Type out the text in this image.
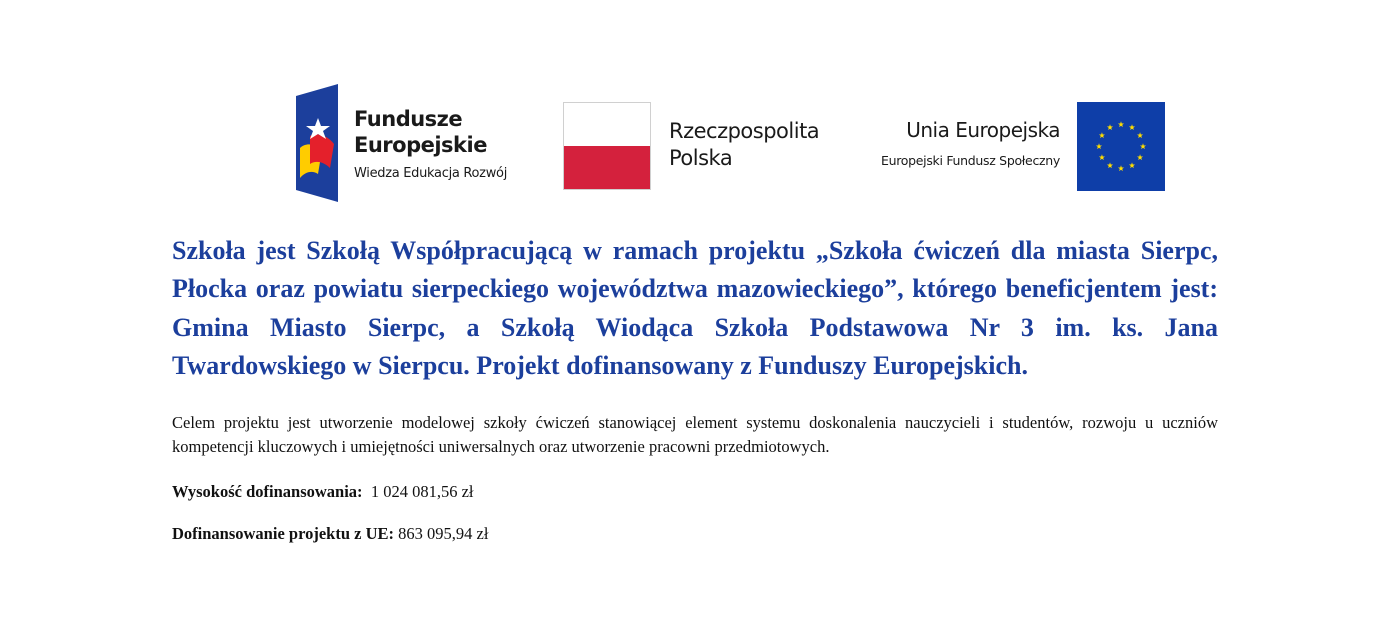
Fundusze
Europejskie
Wiedza Edukacja Rozwój
Rzeczpospolita
Polska
Unia Europejska
Europejski Fundusz Społeczny

Szkoła jest Szkołą Współpracującą w ramach projektu „Szkoła ćwiczeń dla miasta Sierpc, Płocka oraz powiatu sierpeckiego województwa mazowieckiego”, którego beneficjentem jest: Gmina Miasto Sierpc, a Szkołą Wiodąca Szkoła Podstawowa Nr 3 im. ks. Jana Twardowskiego w Sierpcu. Projekt dofinansowany z Funduszy Europejskich.

Celem projektu jest utworzenie modelowej szkoły ćwiczeń stanowiącej element systemu doskonalenia nauczycieli i studentów, rozwoju u uczniów kompetencji kluczowych i umiejętności uniwersalnych oraz utworzenie pracowni przedmiotowych.

Wysokość dofinansowania: 1 024 081,56 zł

Dofinansowanie projektu z UE: 863 095,94 zł
